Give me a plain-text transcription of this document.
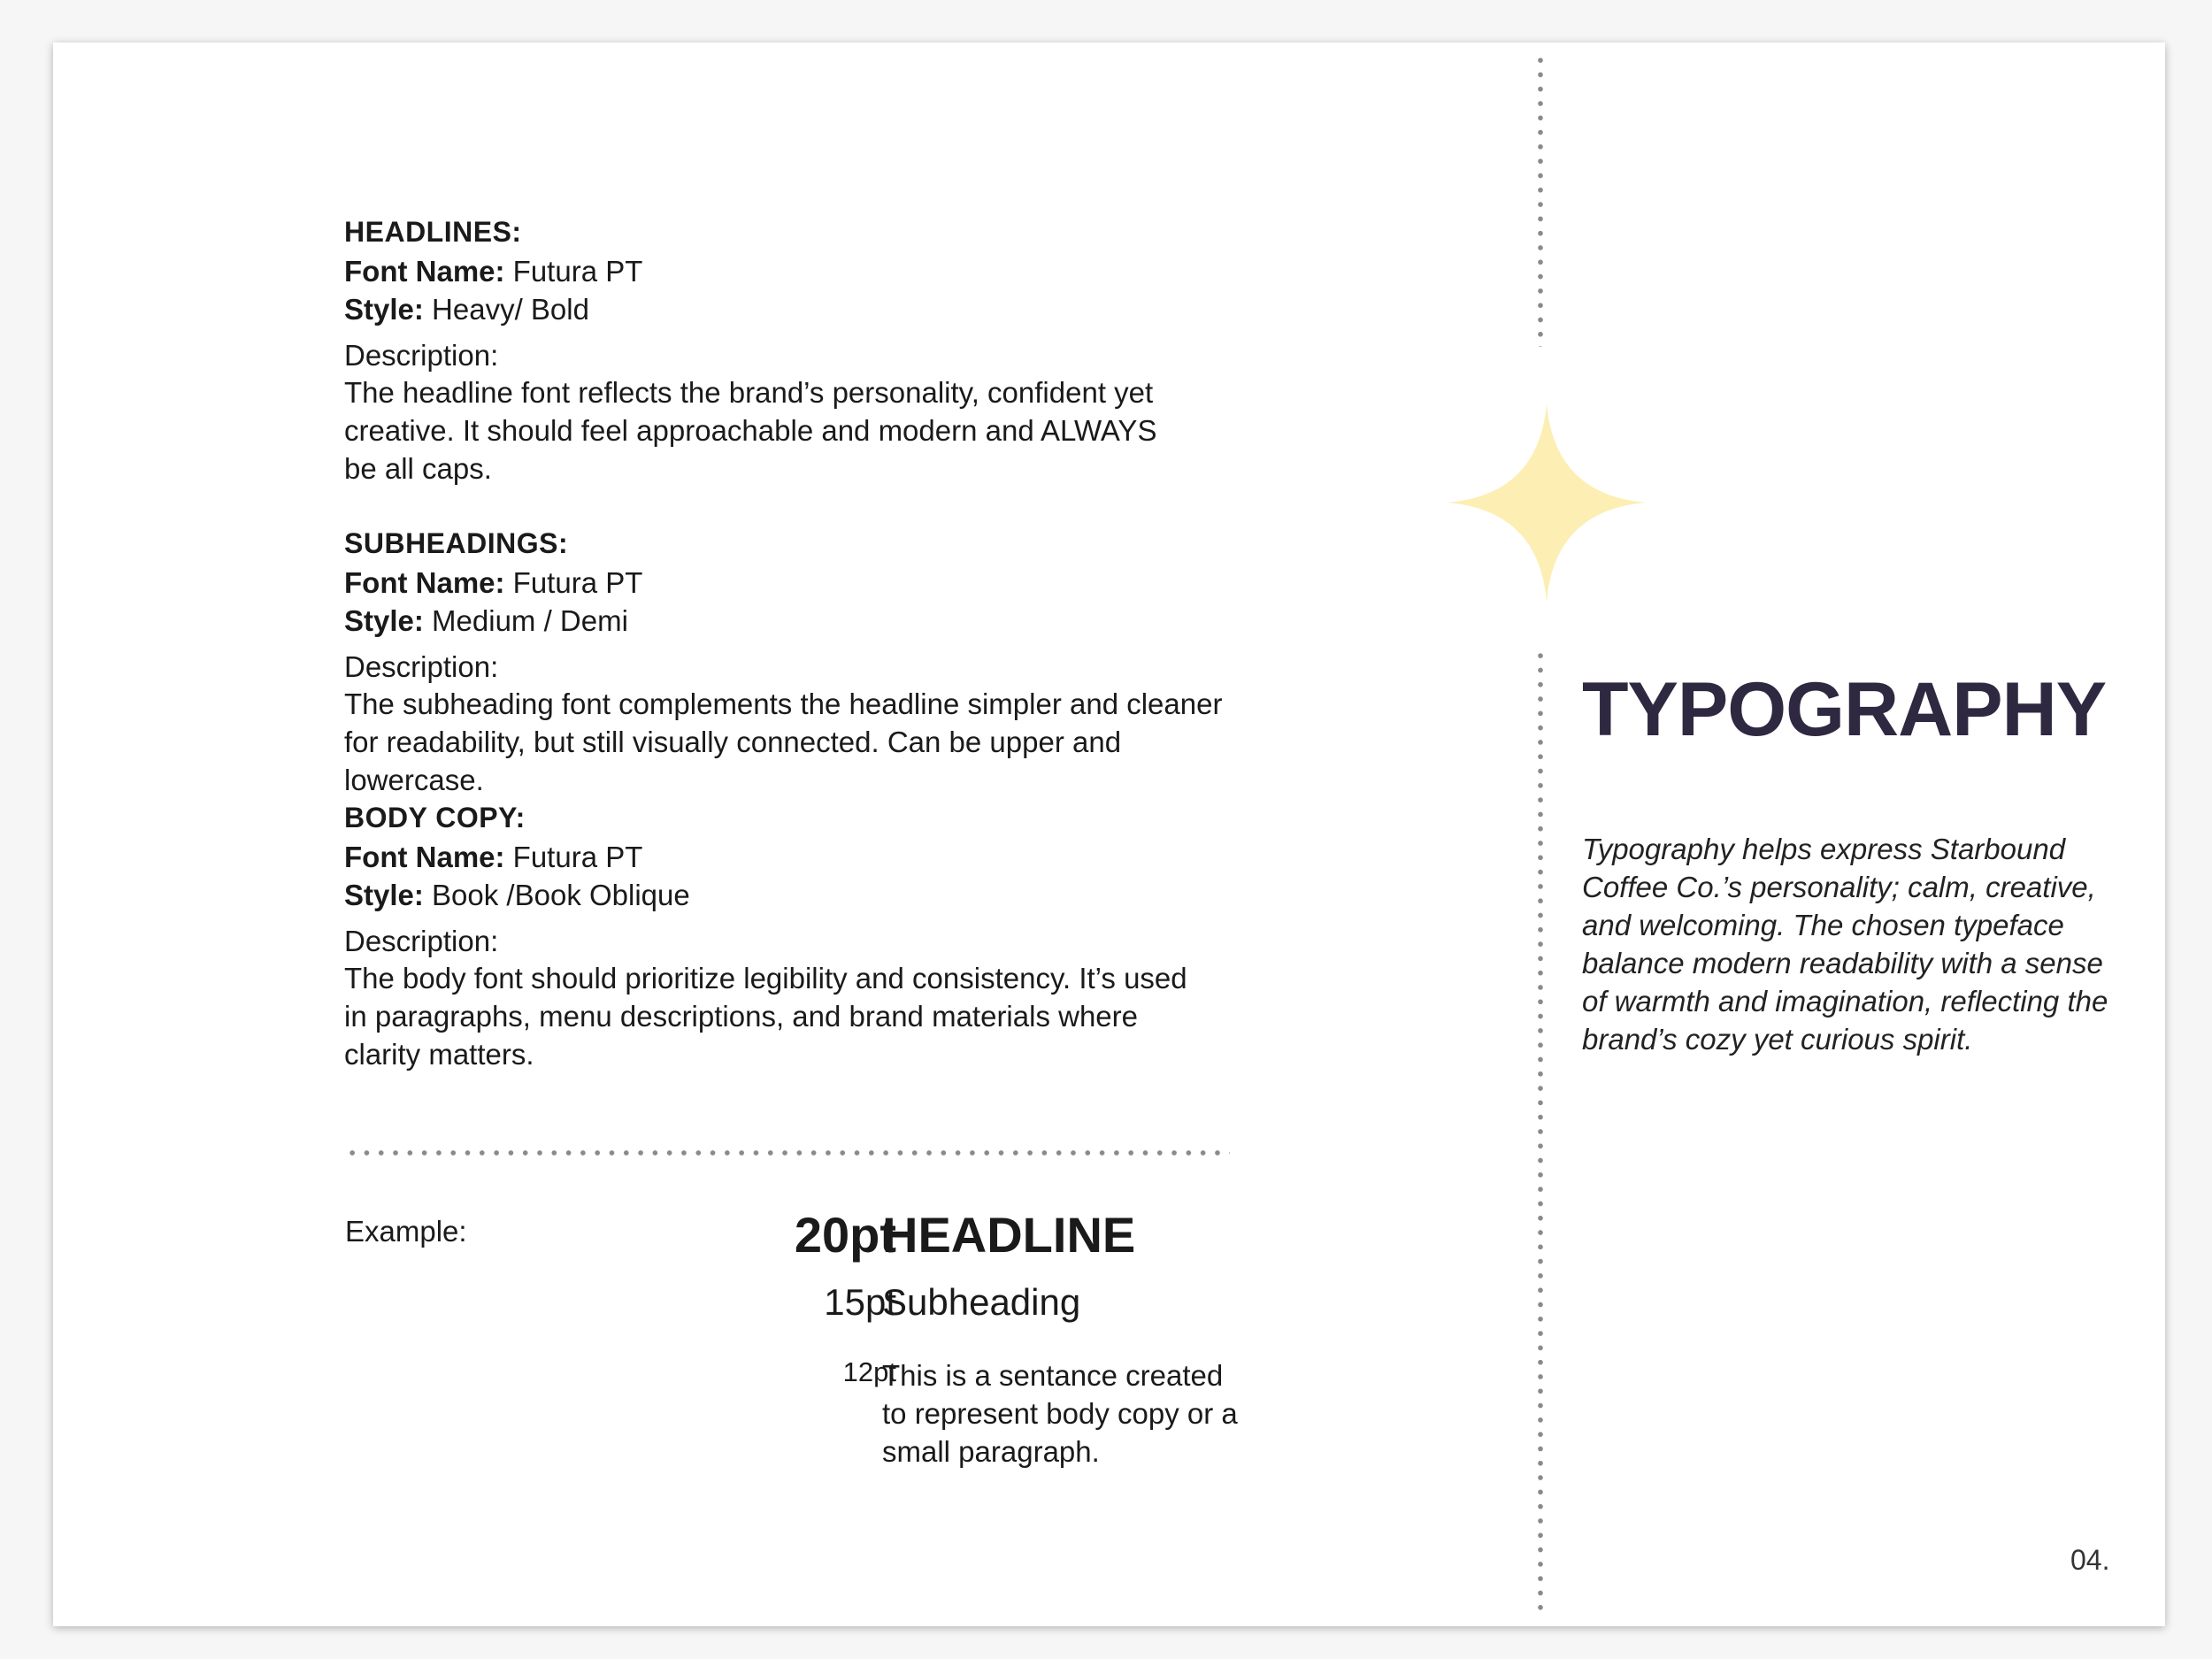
HEADLINES:

Font Name: Futura PT

Style: Heavy/ Bold

Description:

The headline font reflects the brand’s personality, confident yet creative. It should feel approachable and modern and ALWAYS be all caps.

SUBHEADINGS:

Font Name: Futura PT

Style: Medium / Demi

Description:

The subheading font complements the headline simpler and cleaner for readability, but still visually connected. Can be upper and lowercase.

BODY COPY:

Font Name: Futura PT

Style: Book /Book Oblique

Description:

The body font should prioritize legibility and consistency. It’s used in paragraphs, menu descriptions, and brand materials where clarity matters.

Example:	20pt

15pt

12pt

HEADLINE

Subheading

This is a sentance created to represent body copy or a small paragraph.

TYPOGRAPHY

Typography helps express Starbound Coffee Co.’s personality; calm, creative, and welcoming. The chosen typeface balance modern readability with a sense of warmth and imagination, reflecting the brand’s cozy yet curious spirit.

04.
